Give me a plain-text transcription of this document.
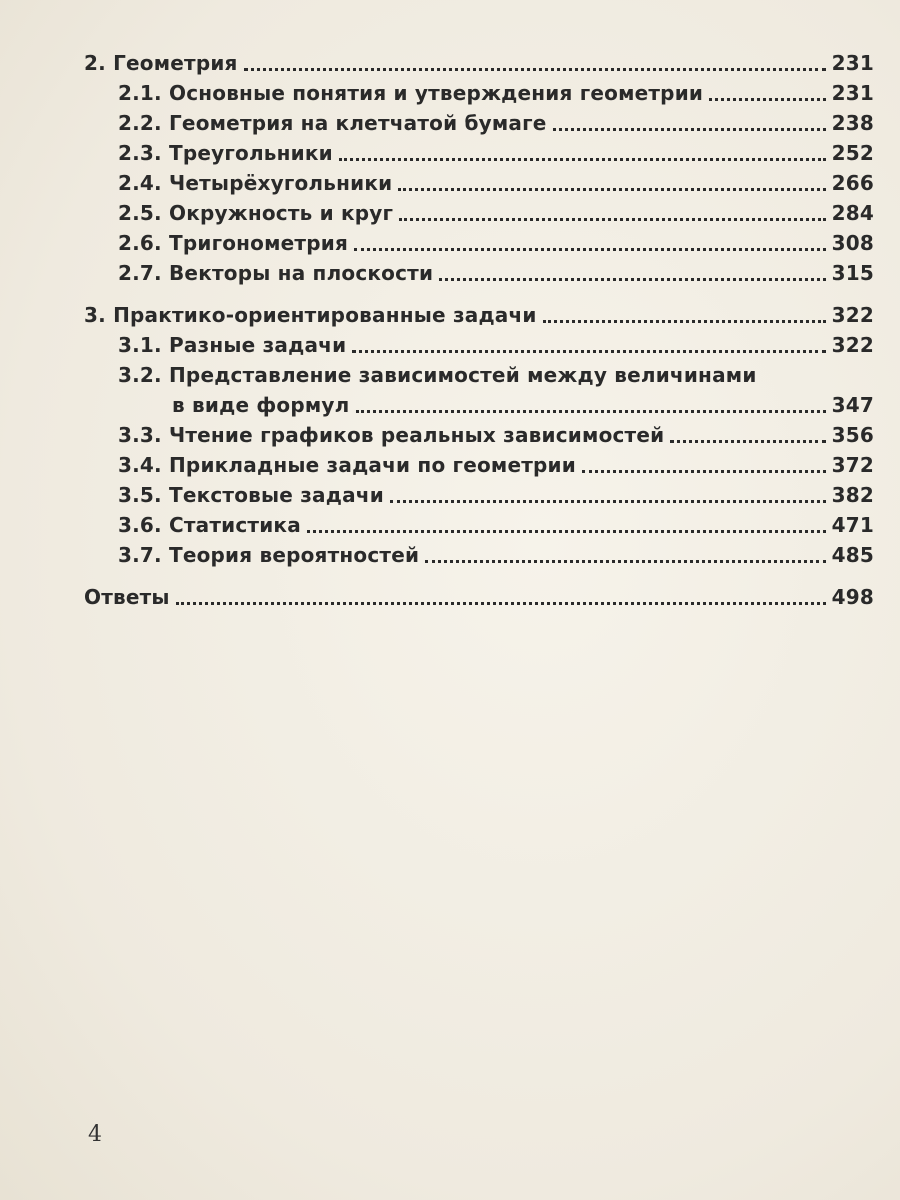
2. Геометрия	231
2.1. Основные понятия и утверждения геометрии	231
2.2. Геометрия на клетчатой бумаге	238
2.3. Треугольники	252
2.4. Четырёхугольники	266
2.5. Окружность и круг	284
2.6. Тригонометрия	308
2.7. Векторы на плоскости	315
3. Практико-ориентированные задачи	322
3.1. Разные задачи	322
3.2. Представление зависимостей между величинами
в виде формул	347
3.3. Чтение графиков реальных зависимостей	356
3.4. Прикладные задачи по геометрии	372
3.5. Текстовые задачи	382
3.6. Статистика	471
3.7. Теория вероятностей	485
Ответы	498
4
